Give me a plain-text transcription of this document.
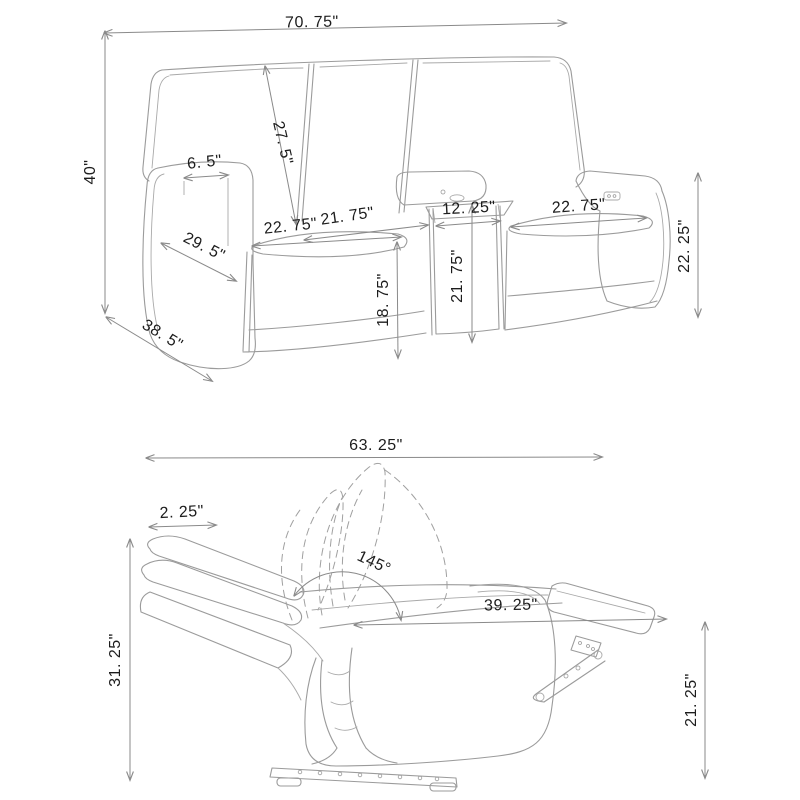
70. 75"
40"	6. 5"	27. 5"
22. 75" 21. 75"	12. 25"
21. 75"
18. 75"
22. 75"
22. 25"
29. 5"
38. 5"
63. 25"
2. 25"
31. 25"
145°
39. 25"
21. 25"
